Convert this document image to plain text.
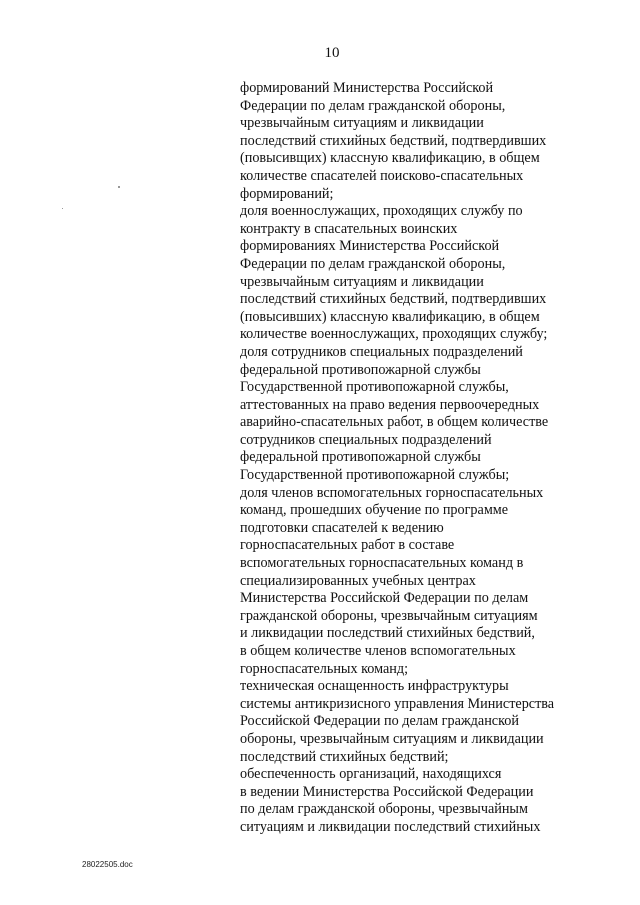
10
формирований Министерства Российской
Федерации по делам гражданской обороны,
чрезвычайным ситуациям и ликвидации
последствий стихийных бедствий, подтвердивших
(повысивщих) классную квалификацию, в общем
количестве спасателей поисково-спасательных
формирований;
доля военнослужащих, проходящих службу по
контракту в спасательных воинских
формированиях Министерства Российской
Федерации по делам гражданской обороны,
чрезвычайным ситуациям и ликвидации
последствий стихийных бедствий, подтвердивших
(повысивших) классную квалификацию, в общем
количестве военнослужащих, проходящих службу;
доля сотрудников специальных подразделений
федеральной противопожарной службы
Государственной противопожарной службы,
аттестованных на право ведения первоочередных
аварийно-спасательных работ, в общем количестве
сотрудников специальных подразделений
федеральной противопожарной службы
Государственной противопожарной службы;
доля членов вспомогательных горноспасательных
команд, прошедших обучение по программе
подготовки спасателей к ведению
горноспасательных работ в составе
вспомогательных горноспасательных команд в
специализированных учебных центрах
Министерства Российской Федерации по делам
гражданской обороны, чрезвычайным ситуациям
и ликвидации последствий стихийных бедствий,
в общем количестве членов вспомогательных
горноспасательных команд;
техническая оснащенность инфраструктуры
системы антикризисного управления Министерства
Российской Федерации по делам гражданской
обороны, чрезвычайным ситуациям и ликвидации
последствий стихийных бедствий;
обеспеченность организаций, находящихся
в ведении Министерства Российской Федерации
по делам гражданской обороны, чрезвычайным
ситуациям и ликвидации последствий стихийных
28022505.doc
